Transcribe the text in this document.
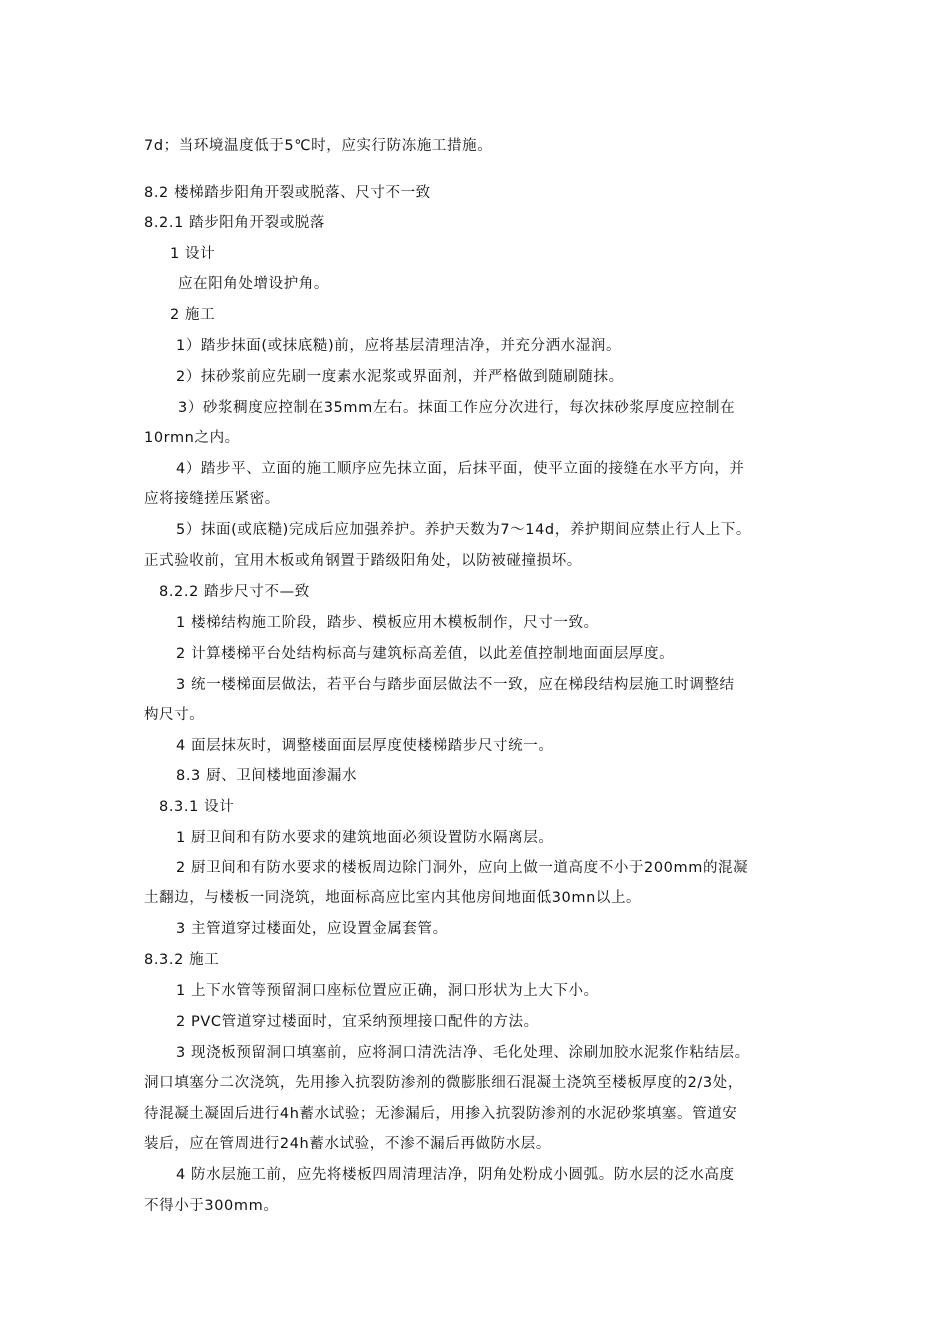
7d；当环境温度低于5℃时，应实行防冻施工措施。
8.2 楼梯踏步阳角开裂或脱落、尺寸不一致
8.2.1 踏步阳角开裂或脱落
1 设计
应在阳角处增设护角。
2 施工
1）踏步抹面(或抹底糙)前，应将基层清理洁净，并充分洒水湿润。
2）抹砂浆前应先刷一度素水泥浆或界面剂，并严格做到随刷随抹。
3）砂浆稠度应控制在35mm左右。抹面工作应分次进行，每次抹砂浆厚度应控制在
10rmn之内。
4）踏步平、立面的施工顺序应先抹立面，后抹平面，使平立面的接缝在水平方向，并
应将接缝搓压紧密。
5）抹面(或底糙)完成后应加强养护。养护天数为7～14d，养护期间应禁止行人上下。
正式验收前，宜用木板或角钢置于踏级阳角处，以防被碰撞损坏。
8.2.2 踏步尺寸不—致
1 楼梯结构施工阶段，踏步、模板应用木模板制作，尺寸一致。
2 计算楼梯平台处结构标高与建筑标高差值，以此差值控制地面面层厚度。
3 统一楼梯面层做法，若平台与踏步面层做法不一致，应在梯段结构层施工时调整结
构尺寸。
4 面层抹灰时，调整楼面面层厚度使楼梯踏步尺寸统一。
8.3 厨、卫间楼地面渗漏水
8.3.1 设计
1 厨卫间和有防水要求的建筑地面必须设置防水隔离层。
2 厨卫间和有防水要求的楼板周边除门洞外，应向上做一道高度不小于200mm的混凝
土翻边，与楼板一同浇筑，地面标高应比室内其他房间地面低30mn以上。
3 主管道穿过楼面处，应设置金属套管。
8.3.2 施工
1 上下水管等预留洞口座标位置应正确，洞口形状为上大下小。
2 PVC管道穿过楼面时，宜采纳预埋接口配件的方法。
3 现浇板预留洞口填塞前，应将洞口清洗洁净、毛化处理、涂刷加胶水泥浆作粘结层。
洞口填塞分二次浇筑，先用掺入抗裂防渗剂的微膨胀细石混凝土浇筑至楼板厚度的2/3处，
待混凝土凝固后进行4h蓄水试验；无渗漏后，用掺入抗裂防渗剂的水泥砂浆填塞。管道安
装后，应在管周进行24h蓄水试验，不渗不漏后再做防水层。
4 防水层施工前，应先将楼板四周清理洁净，阴角处粉成小圆弧。防水层的泛水高度
不得小于300mm。
